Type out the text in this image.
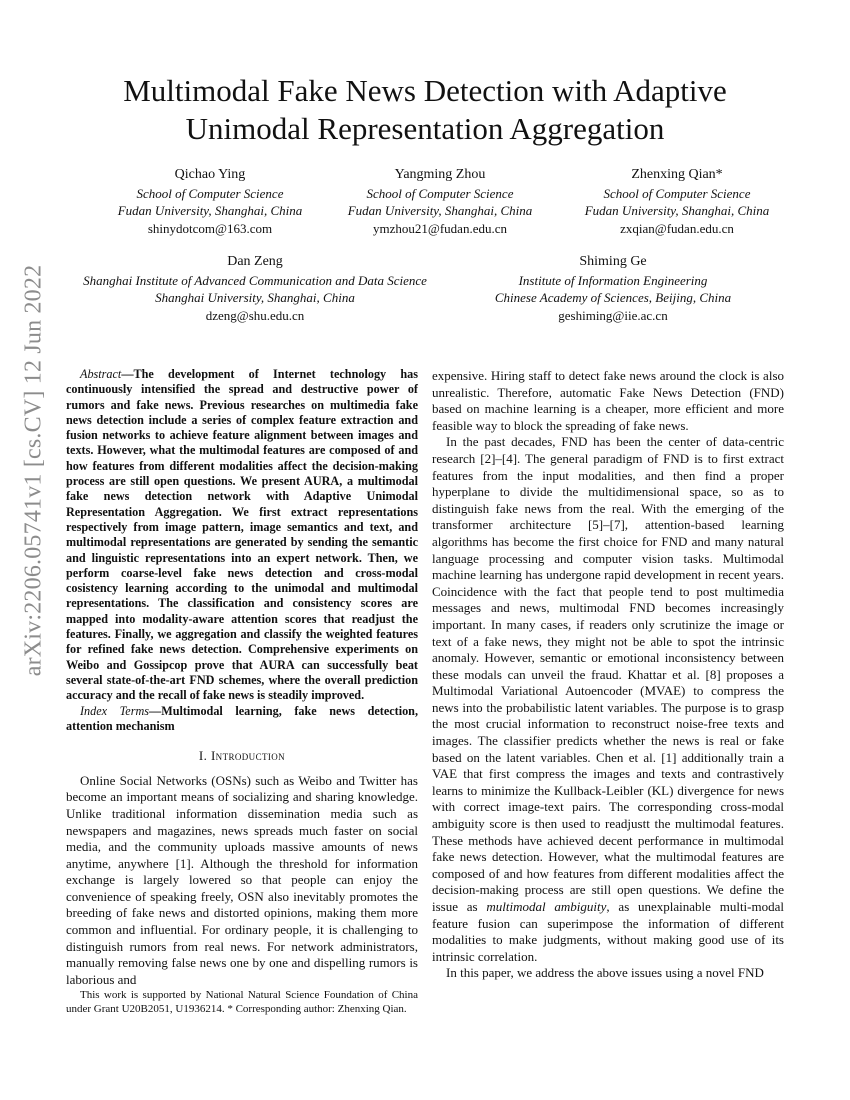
arXiv:2206.05741v1 [cs.CV] 12 Jun 2022
Multimodal Fake News Detection with Adaptive
Unimodal Representation Aggregation
Qichao Ying
School of Computer Science
Fudan University, Shanghai, China
shinydotcom@163.com
Yangming Zhou
School of Computer Science
Fudan University, Shanghai, China
ymzhou21@fudan.edu.cn
Zhenxing Qian*
School of Computer Science
Fudan University, Shanghai, China
zxqian@fudan.edu.cn
Dan Zeng
Shanghai Institute of Advanced Communication and Data Science
Shanghai University, Shanghai, China
dzeng@shu.edu.cn
Shiming Ge
Institute of Information Engineering
Chinese Academy of Sciences, Beijing, China
geshiming@iie.ac.cn

Abstract—The development of Internet technology has continuously intensified the spread and destructive power of rumors and fake news. Previous researches on multimedia fake news detection include a series of complex feature extraction and fusion networks to achieve feature alignment between images and texts. However, what the multimodal features are composed of and how features from different modalities affect the decision-making process are still open questions. We present AURA, a multimodal fake news detection network with Adaptive Unimodal Representation Aggregation. We first extract representations respectively from image pattern, image semantics and text, and multimodal representations are generated by sending the semantic and linguistic representations into an expert network. Then, we perform coarse-level fake news detection and cross-modal cosistency learning according to the unimodal and multimodal representations. The classification and consistency scores are mapped into modality-aware attention scores that readjust the features. Finally, we aggregation and classify the weighted features for refined fake news detection. Comprehensive experiments on Weibo and Gossipcop prove that AURA can successfully beat several state-of-the-art FND schemes, where the overall prediction accuracy and the recall of fake news is steadily improved.

Index Terms—Multimodal learning, fake news detection, attention mechanism

I. Introduction

Online Social Networks (OSNs) such as Weibo and Twitter has become an important means of socializing and sharing knowledge. Unlike traditional information dissemination media such as newspapers and magazines, news spreads much faster on social media, and the community uploads massive amounts of news anytime, anywhere [1]. Although the threshold for information exchange is largely lowered so that people can enjoy the convenience of speaking freely, OSN also inevitably promotes the breeding of fake news and distorted opinions, making them more common and influential. For ordinary people, it is challenging to distinguish rumors from real news. For network administrators, manually removing false news one by one and dispelling rumors is laborious and

This work is supported by National Natural Science Foundation of China under Grant U20B2051, U1936214. * Corresponding author: Zhenxing Qian.

expensive. Hiring staff to detect fake news around the clock is also unrealistic. Therefore, automatic Fake News Detection (FND) based on machine learning is a cheaper, more efficient and more feasible way to block the spreading of fake news.

In the past decades, FND has been the center of data-centric research [2]–[4]. The general paradigm of FND is to first extract features from the input modalities, and then find a proper hyperplane to divide the multidimensional space, so as to distinguish fake news from the real. With the emerging of the transformer architecture [5]–[7], attention-based learning algorithms has become the first choice for FND and many natural language processing and computer vision tasks. Multimodal machine learning has undergone rapid development in recent years. Coincidence with the fact that people tend to post multimedia messages and news, multimodal FND becomes increasingly important. In many cases, if readers only scrutinize the image or text of a fake news, they might not be able to spot the intrinsic anomaly. However, semantic or emotional inconsistency between these modals can unveil the fraud. Khattar et al. [8] proposes a Multimodal Variational Autoencoder (MVAE) to compress the news into the probabilistic latent variables. The purpose is to grasp the most crucial information to reconstruct noise-free texts and images. The classifier predicts whether the news is real or fake based on the latent variables. Chen et al. [1] additionally train a VAE that first compress the images and texts and contrastively learns to minimize the Kullback-Leibler (KL) divergence for news with correct image-text pairs. The corresponding cross-modal ambiguity score is then used to readjustt the multimodal features. These methods have achieved decent performance in multimodal fake news detection. However, what the multimodal features are composed of and how features from different modalities affect the decision-making process are still open questions. We define the issue as multimodal ambiguity, as unexplainable multi-modal feature fusion can superimpose the information of different modalities to make judgments, without making good use of its intrinsic correlation.

In this paper, we address the above issues using a novel FND
